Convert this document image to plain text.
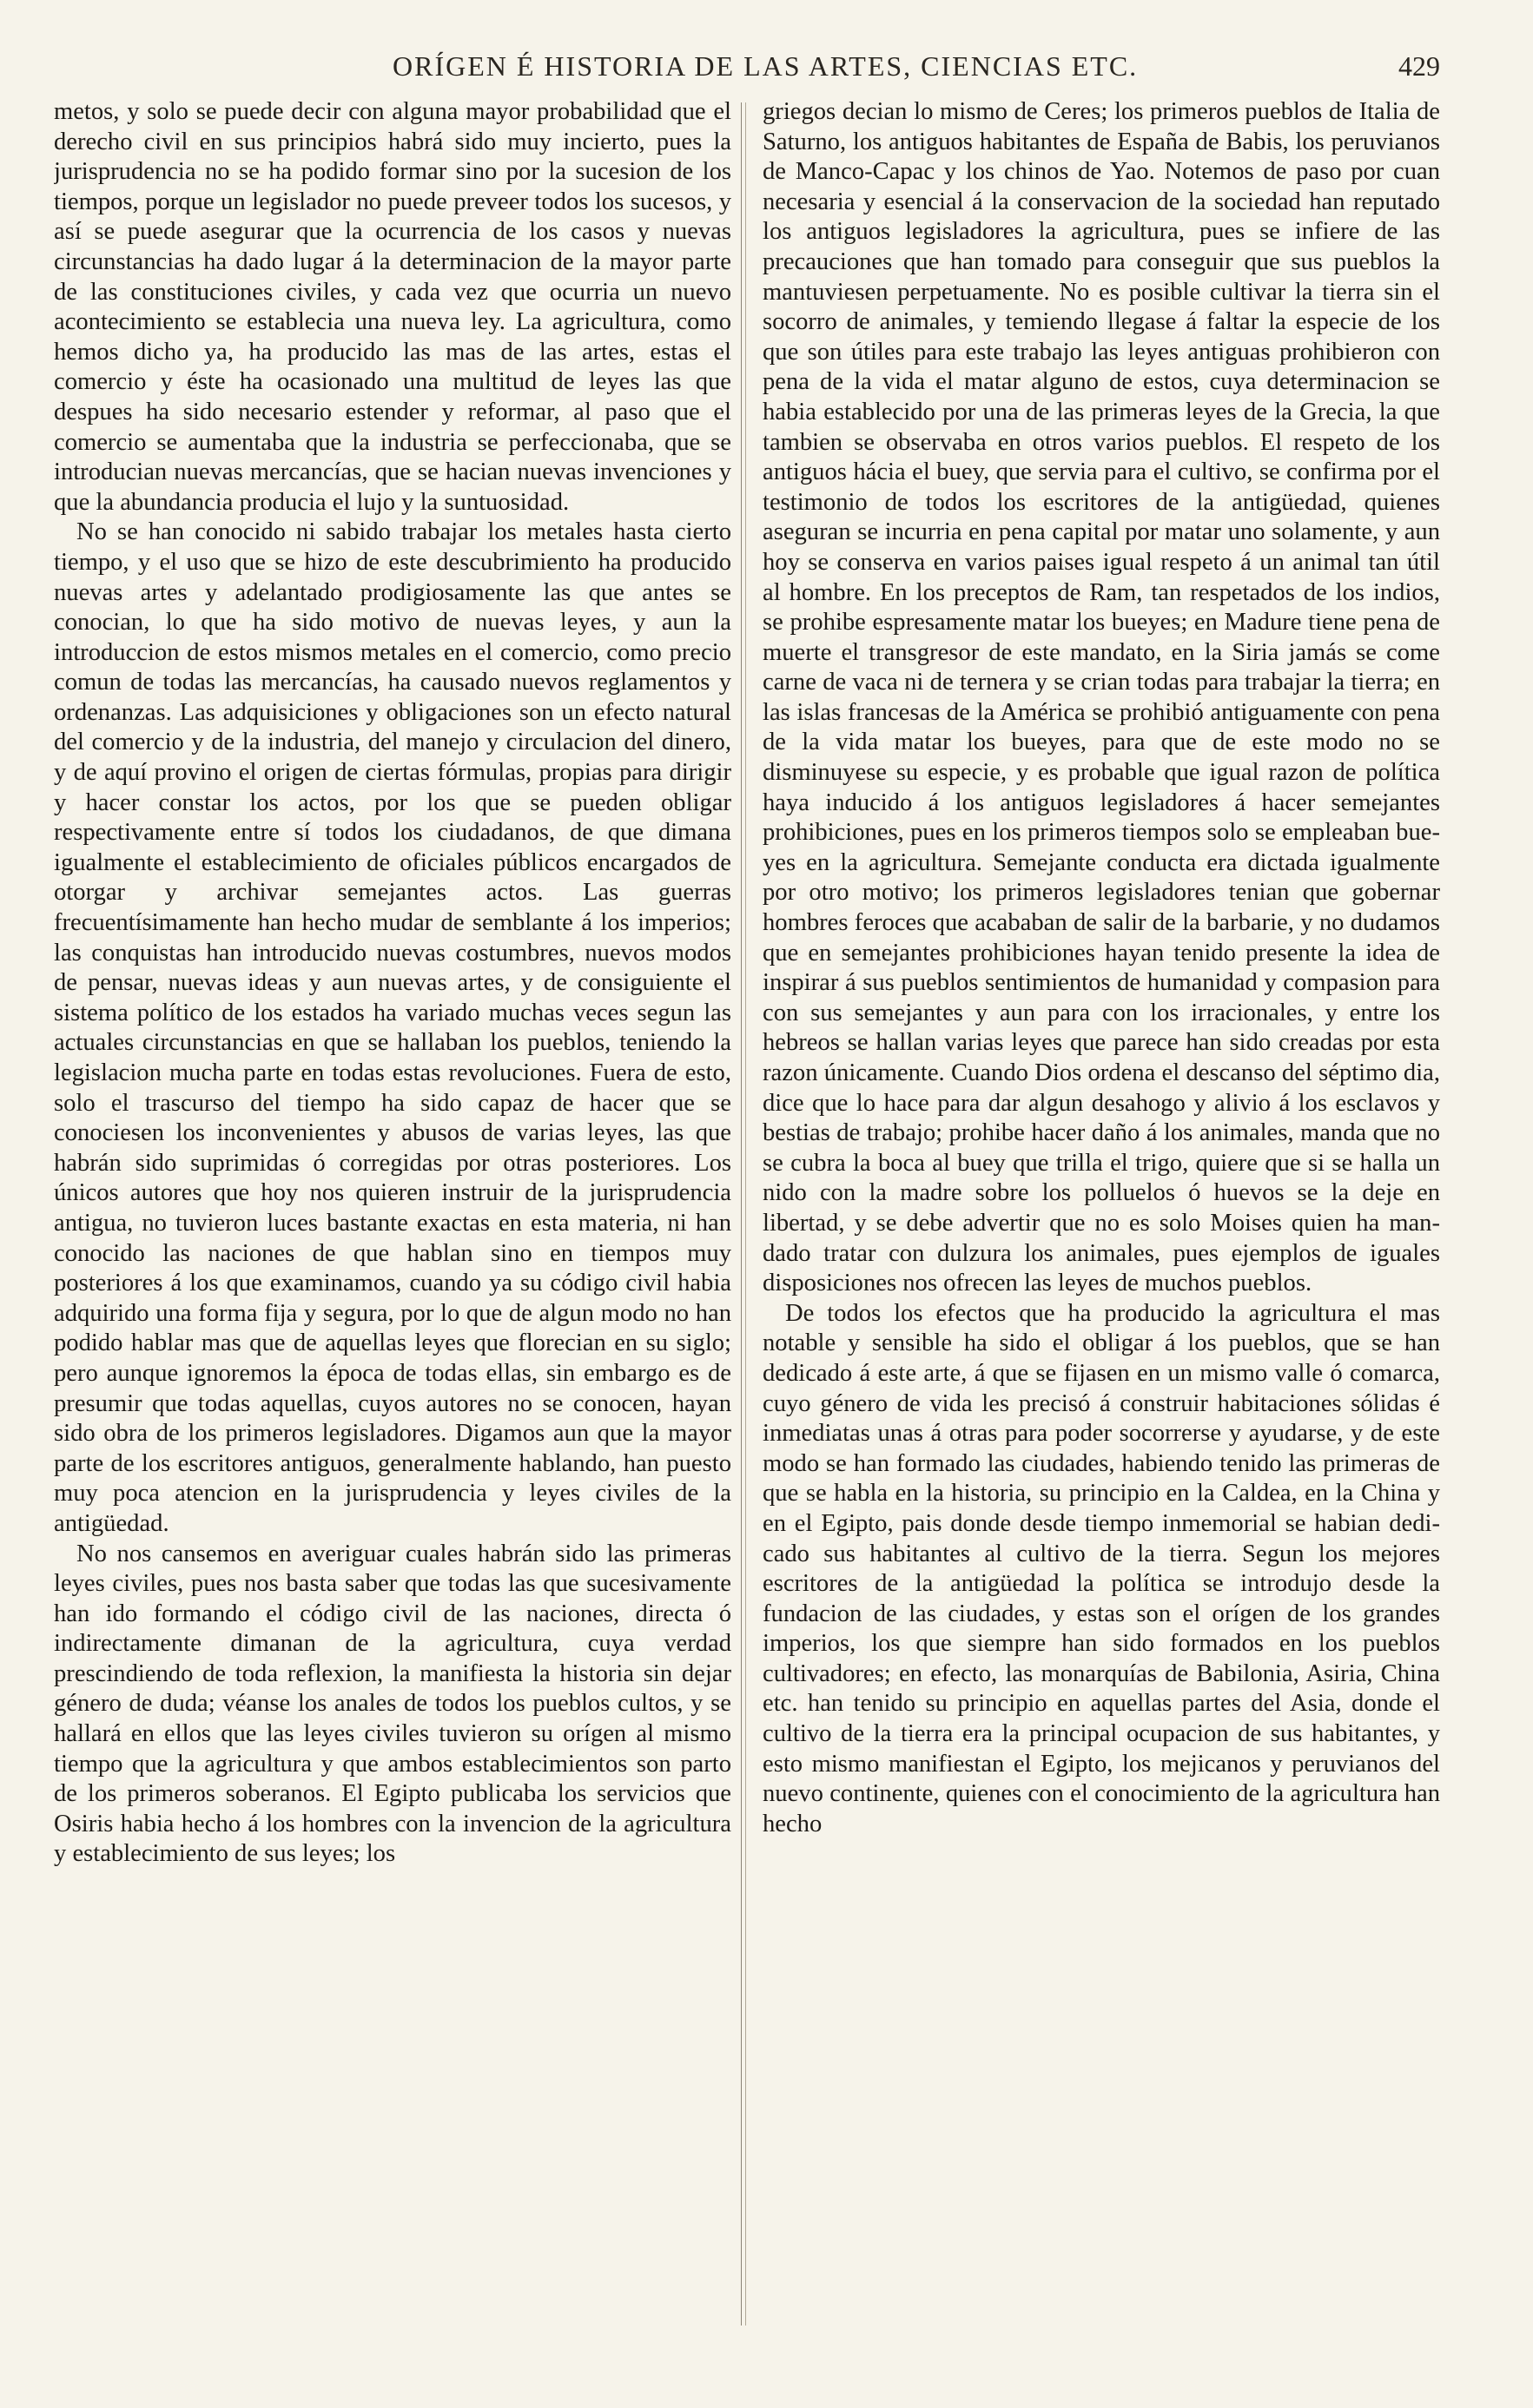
ORÍGEN É HISTORIA DE LAS ARTES, CIENCIAS ETC.	429

metos, y solo se puede decir con alguna mayor probabilidad que el derecho civil en sus principios habrá sido muy incierto, pues la jurisprudencia no se ha podido formar sino por la sucesion de los tiempos, porque un legislador no puede preveer todos los sucesos, y así se puede asegurar que la ocurrencia de los casos y nuevas circunstancias ha dado lugar á la determinacion de la mayor parte de las constituciones civiles, y cada vez que ocurria un nuevo acontecimiento se establecia una nueva ley. La agricultura, como hemos dicho ya, ha producido las mas de las artes, estas el comercio y éste ha ocasionado una multitud de leyes las que despues ha sido necesario estender y reformar, al paso que el comercio se aumentaba que la industria se perfeccionaba, que se introducian nuevas mercancías, que se hacian nuevas invenciones y que la abundancia producia el lujo y la suntuosidad.

No se han conocido ni sabido trabajar los metales hasta cierto tiempo, y el uso que se hizo de este descubrimiento ha producido nuevas artes y adelantado prodigiosamente las que antes se conocian, lo que ha sido motivo de nuevas leyes, y aun la introduccion de estos mismos metales en el comercio, como precio comun de todas las mercancías, ha causado nuevos reglamentos y ordenanzas. Las adquisiciones y obligaciones son un efecto natural del comercio y de la industria, del manejo y circulacion del dinero, y de aquí provino el origen de ciertas fórmulas, propias para dirigir y hacer constar los actos, por los que se pueden obligar respectivamente entre sí todos los ciudadanos, de que dimana igualmente el establecimiento de oficiales públicos encargados de otorgar y archivar semejantes actos. Las guerras frecuentísimamente han hecho mudar de semblante á los imperios; las conquistas han introducido nuevas costumbres, nuevos modos de pensar, nuevas ideas y aun nuevas artes, y de consiguiente el sistema político de los estados ha variado muchas veces segun las actuales circunstancias en que se hallaban los pueblos, teniendo la legislacion mucha parte en todas estas revoluciones. Fuera de esto, solo el trascurso del tiempo ha sido capaz de hacer que se conociesen los inconvenientes y abusos de varias leyes, las que habrán sido suprimidas ó corregidas por otras posteriores. Los únicos autores que hoy nos quieren instruir de la jurisprudencia antigua, no tuvieron luces bastante exactas en esta materia, ni han conocido las naciones de que hablan sino en tiempos muy posteriores á los que examinamos, cuando ya su código civil habia adquirido una forma fija y segura, por lo que de algun modo no han podido hablar mas que de aquellas leyes que florecian en su siglo; pero aunque ignoremos la época de todas ellas, sin embargo es de presumir que todas aquellas, cuyos autores no se conocen, hayan sido obra de los primeros legisladores. Digamos aun que la mayor parte de los escritores antiguos, generalmente hablando, han puesto muy poca atencion en la jurisprudencia y leyes civiles de la antigüedad.

No nos cansemos en averiguar cuales habrán sido las primeras leyes civiles, pues nos basta saber que todas las que sucesivamente han ido formando el código civil de las naciones, directa ó indirectamente dimanan de la agricultura, cuya verdad prescindiendo de toda reflexion, la manifiesta la historia sin dejar género de duda; véanse los anales de todos los pueblos cultos, y se hallará en ellos que las leyes civiles tuvieron su orígen al mismo tiempo que la agricultura y que ambos establecimientos son parto de los primeros soberanos. El Egipto publicaba los servicios que Osiris habia hecho á los hombres con la invencion de la agricultura y establecimiento de sus leyes; los

griegos decian lo mismo de Ceres; los primeros pueblos de Italia de Saturno, los antiguos habitantes de España de Babis, los peruvianos de Manco-Capac y los chinos de Yao. Notemos de paso por cuan necesaria y esencial á la conservacion de la sociedad han reputado los antiguos legisladores la agricultura, pues se infiere de las precauciones que han tomado para conseguir que sus pueblos la mantuviesen perpetuamente. No es posible cultivar la tierra sin el socorro de animales, y temiendo llegase á faltar la especie de los que son útiles para este trabajo las leyes antiguas prohibieron con pena de la vida el matar alguno de estos, cuya determinacion se habia establecido por una de las primeras leyes de la Grecia, la que tambien se observaba en otros varios pueblos. El respeto de los antiguos hácia el buey, que servia para el cultivo, se confirma por el testimonio de todos los escritores de la antigüedad, quienes aseguran se incurria en pena capital por matar uno solamente, y aun hoy se conserva en varios paises igual respeto á un animal tan útil al hombre. En los preceptos de Ram, tan respetados de los indios, se prohibe espresamente matar los bueyes; en Madure tiene pena de muerte el transgresor de este mandato, en la Siria jamás se come carne de vaca ni de ternera y se crian todas para trabajar la tierra; en las islas francesas de la América se prohibió antiguamente con pena de la vida matar los bueyes, para que de este modo no se disminuyese su especie, y es probable que igual razon de política haya inducido á los antiguos legisladores á hacer semejantes prohibiciones, pues en los primeros tiempos solo se empleaban bueyes en la agricultura. Semejante conducta era dictada igualmente por otro motivo; los primeros legisladores tenian que gobernar hombres feroces que acababan de salir de la barbarie, y no dudamos que en semejantes prohibiciones hayan tenido presente la idea de inspirar á sus pueblos sentimientos de humanidad y compasion para con sus semejantes y aun para con los irracionales, y entre los hebreos se hallan varias leyes que parece han sido creadas por esta razon únicamente. Cuando Dios ordena el descanso del séptimo dia, dice que lo hace para dar algun desahogo y alivio á los esclavos y bestias de trabajo; prohibe hacer daño á los animales, manda que no se cubra la boca al buey que trilla el trigo, quiere que si se halla un nido con la madre sobre los polluelos ó huevos se la deje en libertad, y se debe advertir que no es solo Moises quien ha mandado tratar con dulzura los animales, pues ejemplos de iguales disposiciones nos ofrecen las leyes de muchos pueblos.

De todos los efectos que ha producido la agricultura el mas notable y sensible ha sido el obligar á los pueblos, que se han dedicado á este arte, á que se fijasen en un mismo valle ó comarca, cuyo género de vida les precisó á construir habitaciones sólidas é inmediatas unas á otras para poder socorrerse y ayudarse, y de este modo se han formado las ciudades, habiendo tenido las primeras de que se habla en la historia, su principio en la Caldea, en la China y en el Egipto, pais donde desde tiempo inmemorial se habian dedicado sus habitantes al cultivo de la tierra. Segun los mejores escritores de la antigüedad la política se introdujo desde la fundacion de las ciudades, y estas son el orígen de los grandes imperios, los que siempre han sido formados en los pueblos cultivadores; en efecto, las monarquías de Babilonia, Asiria, China etc. han tenido su principio en aquellas partes del Asia, donde el cultivo de la tierra era la principal ocupacion de sus habitantes, y esto mismo manifiestan el Egipto, los mejicanos y peruvianos del nuevo continente, quienes con el conocimiento de la agricultura han hecho
